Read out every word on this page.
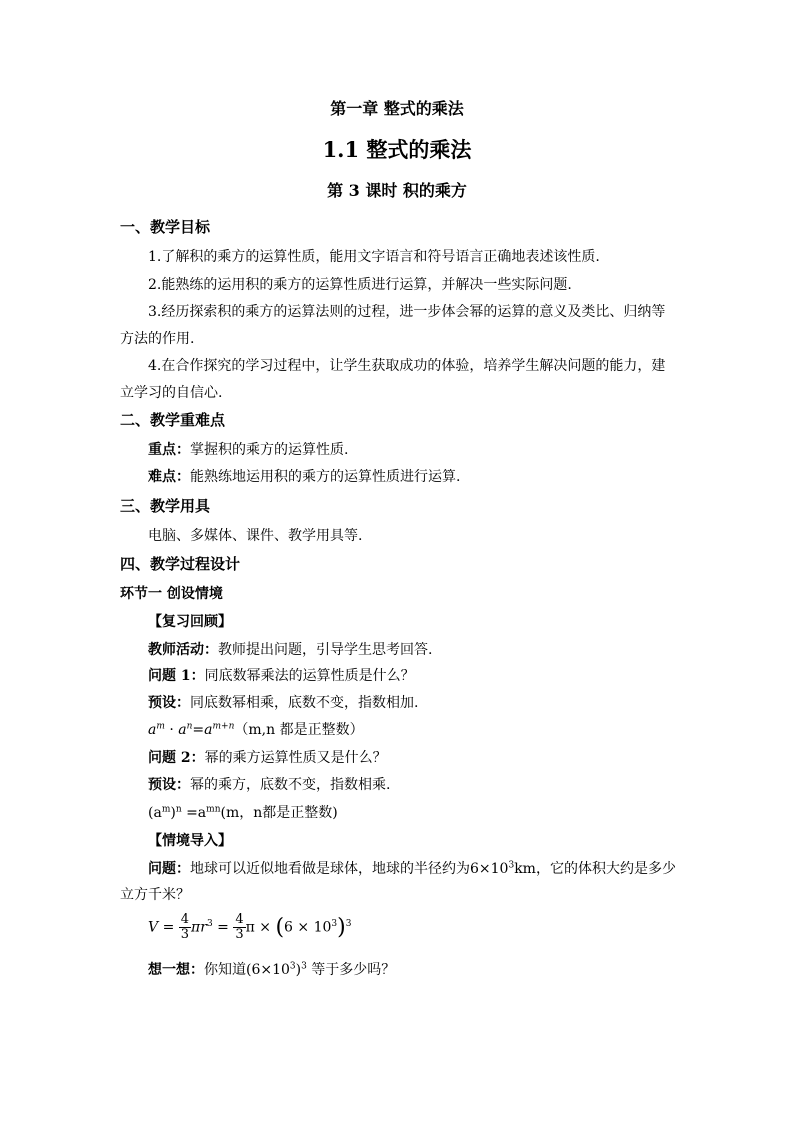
第一章 整式的乘法
1.1 整式的乘法
第 3 课时 积的乘方
一、教学目标
1.了解积的乘方的运算性质，能用文字语言和符号语言正确地表述该性质.
2.能熟练的运用积的乘方的运算性质进行运算，并解决一些实际问题.
3.经历探索积的乘方的运算法则的过程，进一步体会幂的运算的意义及类比、归纳等
方法的作用.
4.在合作探究的学习过程中，让学生获取成功的体验，培养学生解决问题的能力，建
立学习的自信心.
二、教学重难点
重点：掌握积的乘方的运算性质.
难点：能熟练地运用积的乘方的运算性质进行运算.
三、教学用具
电脑、多媒体、课件、教学用具等.
四、教学过程设计
环节一 创设情境
【复习回顾】
教师活动：教师提出问题，引导学生思考回答.
问题 1：同底数幂乘法的运算性质是什么？
预设：同底数幂相乘，底数不变，指数相加.
$a^m \cdot a^n=a^{m+n}(m,n$ 都是正整数）
问题 2：幂的乘方运算性质又是什么？
预设：幂的乘方，底数不变，指数相乘.
$(a^m)^n =a^{mn}(m$，n都是正整数)
【情境导入】
问题：地球可以近似地看做是球体，地球的半径约为$6\times 10^3km$，它的体积大约是多少
立方千米？
$V = \frac{4}{3} \pi r^3 = \frac{4}{3}$ $\pi \times (6 \times 10^3)^3$
想一想：你知道$(6\times 10^3)^3$ 等于多少吗？
